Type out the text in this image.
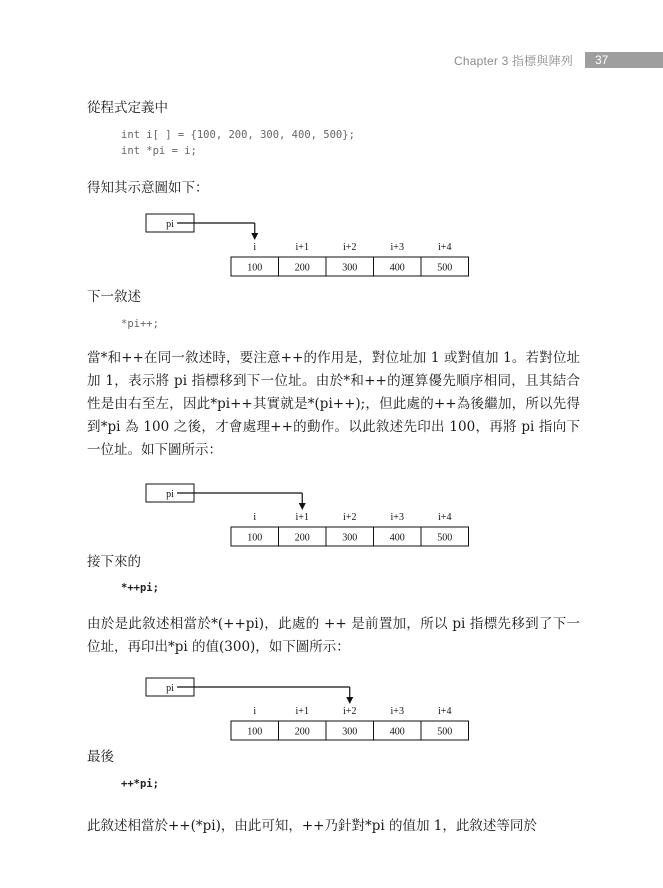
Chapter 3 指標與陣列	37

從程式定義中

int i[ ] = {100, 200, 300, 400, 500};
int *pi = i;

得知其示意圖如下：

pi
i	i+1	i+2	i+3	i+4
100	200	300	400	500

下一敘述

*pi++;

當*和++在同一敘述時，要注意++的作用是，對位址加 1 或對值加 1。若對位址加 1，表示將 pi 指標移到下一位址。由於*和++的運算優先順序相同，且其結合性是由右至左，因此*pi++其實就是*(pi++);，但此處的++為後繼加，所以先得到*pi 為 100 之後，才會處理++的動作。以此敘述先印出 100，再將 pi 指向下一位址。如下圖所示：

pi
i	i+1	i+2	i+3	i+4
100	200	300	400	500

接下來的

*++pi;

由於是此敘述相當於*(++pi)，此處的 ++ 是前置加，所以 pi 指標先移到了下一位址，再印出*pi 的值(300)，如下圖所示：

pi
i	i+1	i+2	i+3	i+4
100	200	300	400	500

最後

++*pi;

此敘述相當於++(*pi)，由此可知，++乃針對*pi 的值加 1，此敘述等同於
